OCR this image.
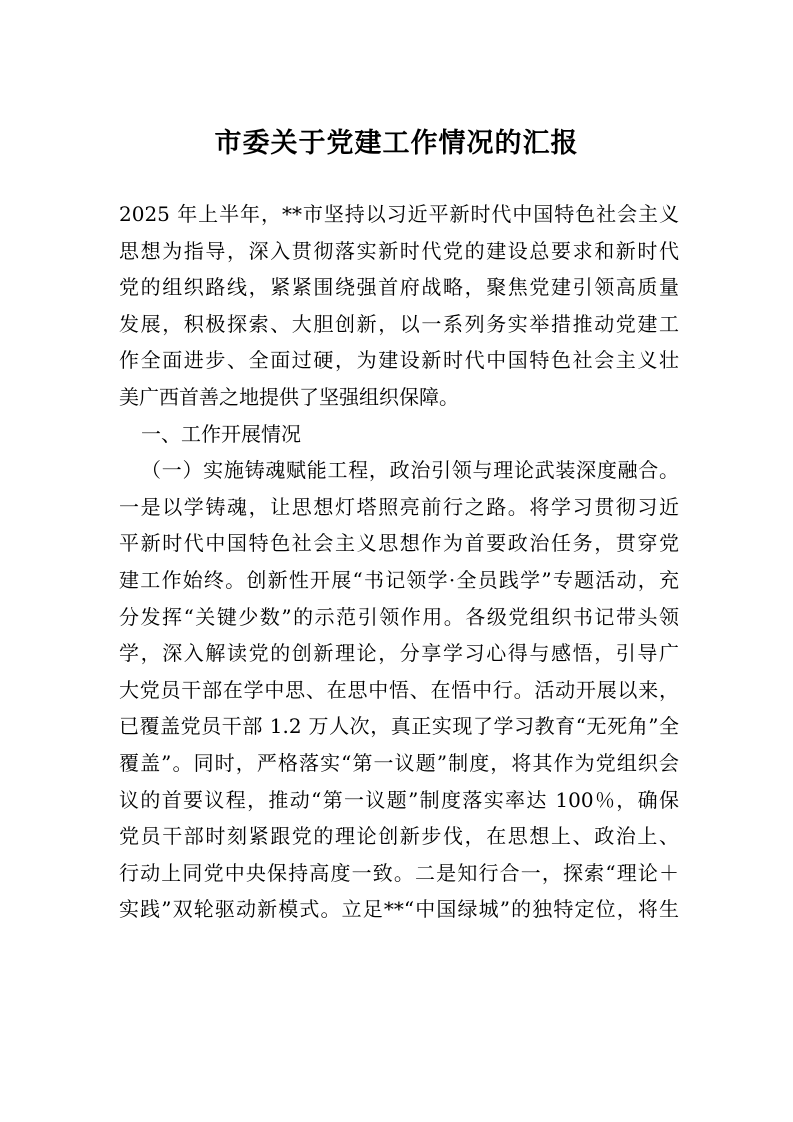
市委关于党建工作情况的汇报
2025 年上半年，**市坚持以习近平新时代中国特色社会主义
思想为指导，深入贯彻落实新时代党的建设总要求和新时代
党的组织路线，紧紧围绕强首府战略，聚焦党建引领高质量
发展，积极探索、大胆创新，以一系列务实举措推动党建工
作全面进步、全面过硬，为建设新时代中国特色社会主义壮
美广西首善之地提供了坚强组织保障。
一、工作开展情况
（一）实施铸魂赋能工程，政治引领与理论武装深度融合。
一是以学铸魂，让思想灯塔照亮前行之路。将学习贯彻习近
平新时代中国特色社会主义思想作为首要政治任务，贯穿党
建工作始终。创新性开展“书记领学·全员践学”专题活动，充
分发挥“关键少数”的示范引领作用。各级党组织书记带头领
学，深入解读党的创新理论，分享学习心得与感悟，引导广
大党员干部在学中思、在思中悟、在悟中行。活动开展以来，
已覆盖党员干部 1.2 万人次，真正实现了学习教育“无死角”全
覆盖”。同时，严格落实“第一议题”制度，将其作为党组织会
议的首要议程，推动“第一议题”制度落实率达 100％，确保
党员干部时刻紧跟党的理论创新步伐，在思想上、政治上、
行动上同党中央保持高度一致。二是知行合一，探索“理论＋
实践”双轮驱动新模式。立足**“中国绿城”的独特定位，将生
